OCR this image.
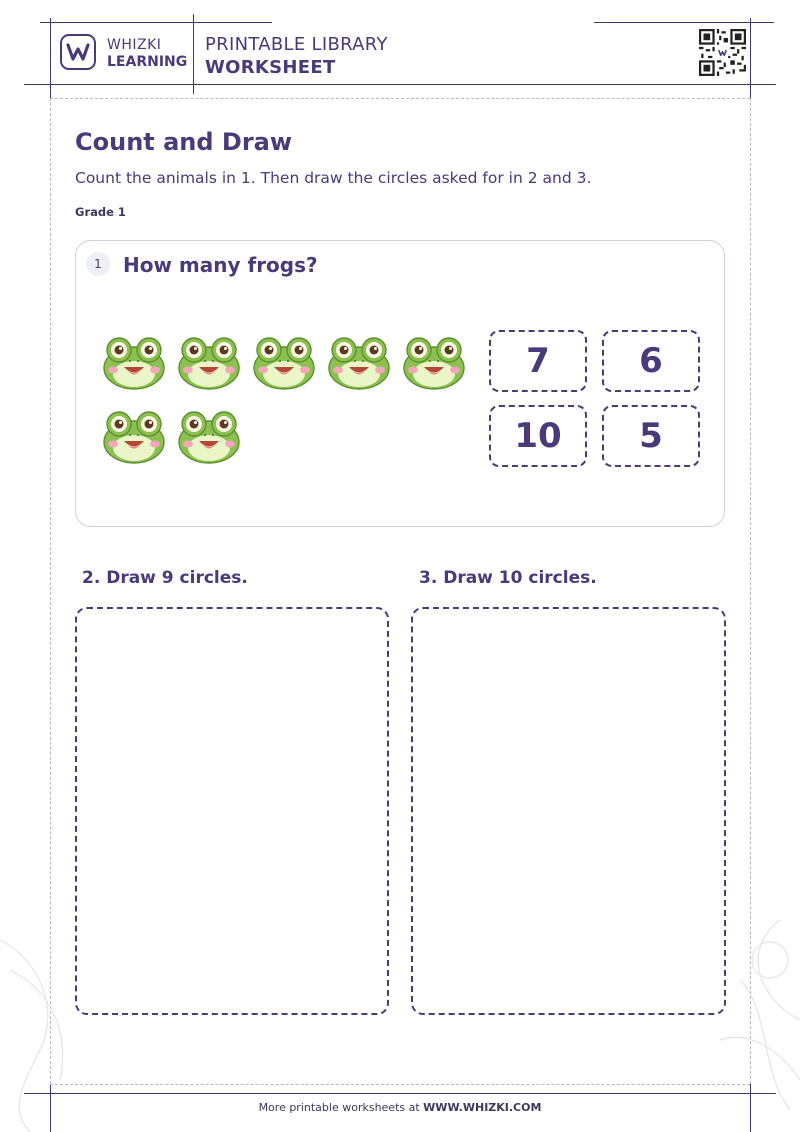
WHIZKI
LEARNING
PRINTABLE LIBRARY
WORKSHEET
Count and Draw
Count the animals in 1. Then draw the circles asked for in 2 and 3.
Grade 1
1	How many frogs?
7	6
10	5
2. Draw 9 circles.	3. Draw 10 circles.
More printable worksheets at WWW.WHIZKI.COM
